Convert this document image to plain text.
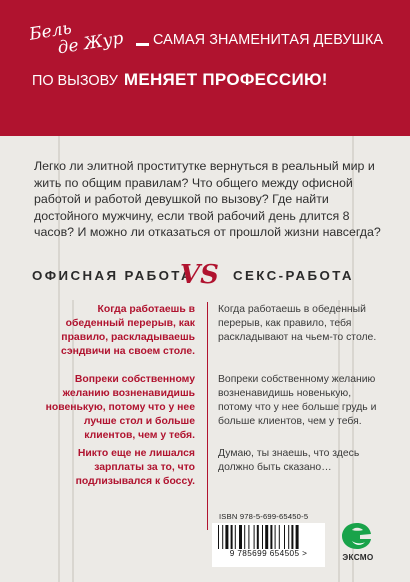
Бель
де Жур	САМАЯ ЗНАМЕНИТАЯ ДЕВУШКА
ПО ВЫЗОВУ МЕНЯЕТ ПРОФЕССИЮ!
Легко ли элитной проститутке вернуться в реальный мир и жить по общим правилам? Что общего между офисной работой и работой девушкой по вызову? Где найти достойного мужчину, если твой рабочий день длится 8 часов? И можно ли отказаться от прошлой жизни навсегда?
ОФИСНАЯ РАБОТА
VS СЕКС-РАБОТА
Когда работаешь в обеденный перерыв, как правило, раскладываешь сэндвичи на своем столе.
Когда работаешь в обеденный перерыв, как правило, тебя раскладывают на чьем-то столе.
Вопреки собственному желанию возненавидишь новенькую, потому что у нее лучше стол и больше клиентов, чем у тебя.
Вопреки собственному желанию возненавидишь новенькую, потому что у нее больше грудь и больше клиентов, чем у тебя.
Никто еще не лишался зарплаты за то, что подлизывался к боссу.
Думаю, ты знаешь, что здесь должно быть сказано…
ISBN 978-5-699-65450-5
9 785699 654505 >	ЭКСМО
